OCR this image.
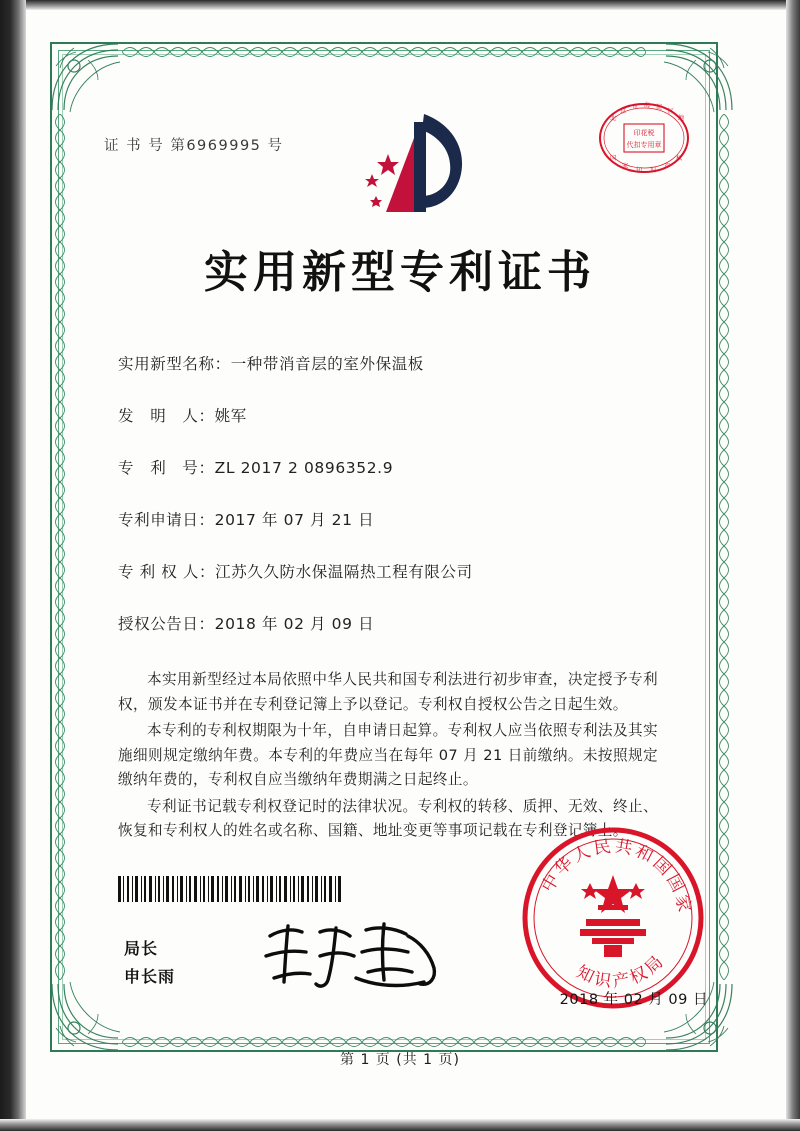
证 书 号 第6969995 号
印花税
代扣专用章
北
京
市 海 淀
区
地
国
家
知 识
产
权
实用新型专利证书
实用新型名称：一种带消音层的室外保温板
发　明　人：姚军
专　利　号：ZL 2017 2 0896352.9
专利申请日：2017 年 07 月 21 日
专 利 权 人：江苏久久防水保温隔热工程有限公司
授权公告日：2018 年 02 月 09 日

本实用新型经过本局依照中华人民共和国专利法进行初步审查，决定授予专利权，颁发本证书并在专利登记簿上予以登记。专利权自授权公告之日起生效。

本专利的专利权期限为十年，自申请日起算。专利权人应当依照专利法及其实施细则规定缴纳年费。本专利的年费应当在每年 07 月 21 日前缴纳。未按照规定缴纳年费的，专利权自应当缴纳年费期满之日起终止。

专利证书记载专利权登记时的法律状况。专利权的转移、质押、无效、终止、恢复和专利权人的姓名或名称、国籍、地址变更等事项记载在专利登记簿上。

局长
申长雨
中华人民共和国国家
知识产权局
2018 年 02 月 09 日
第 1 页 (共 1 页)
